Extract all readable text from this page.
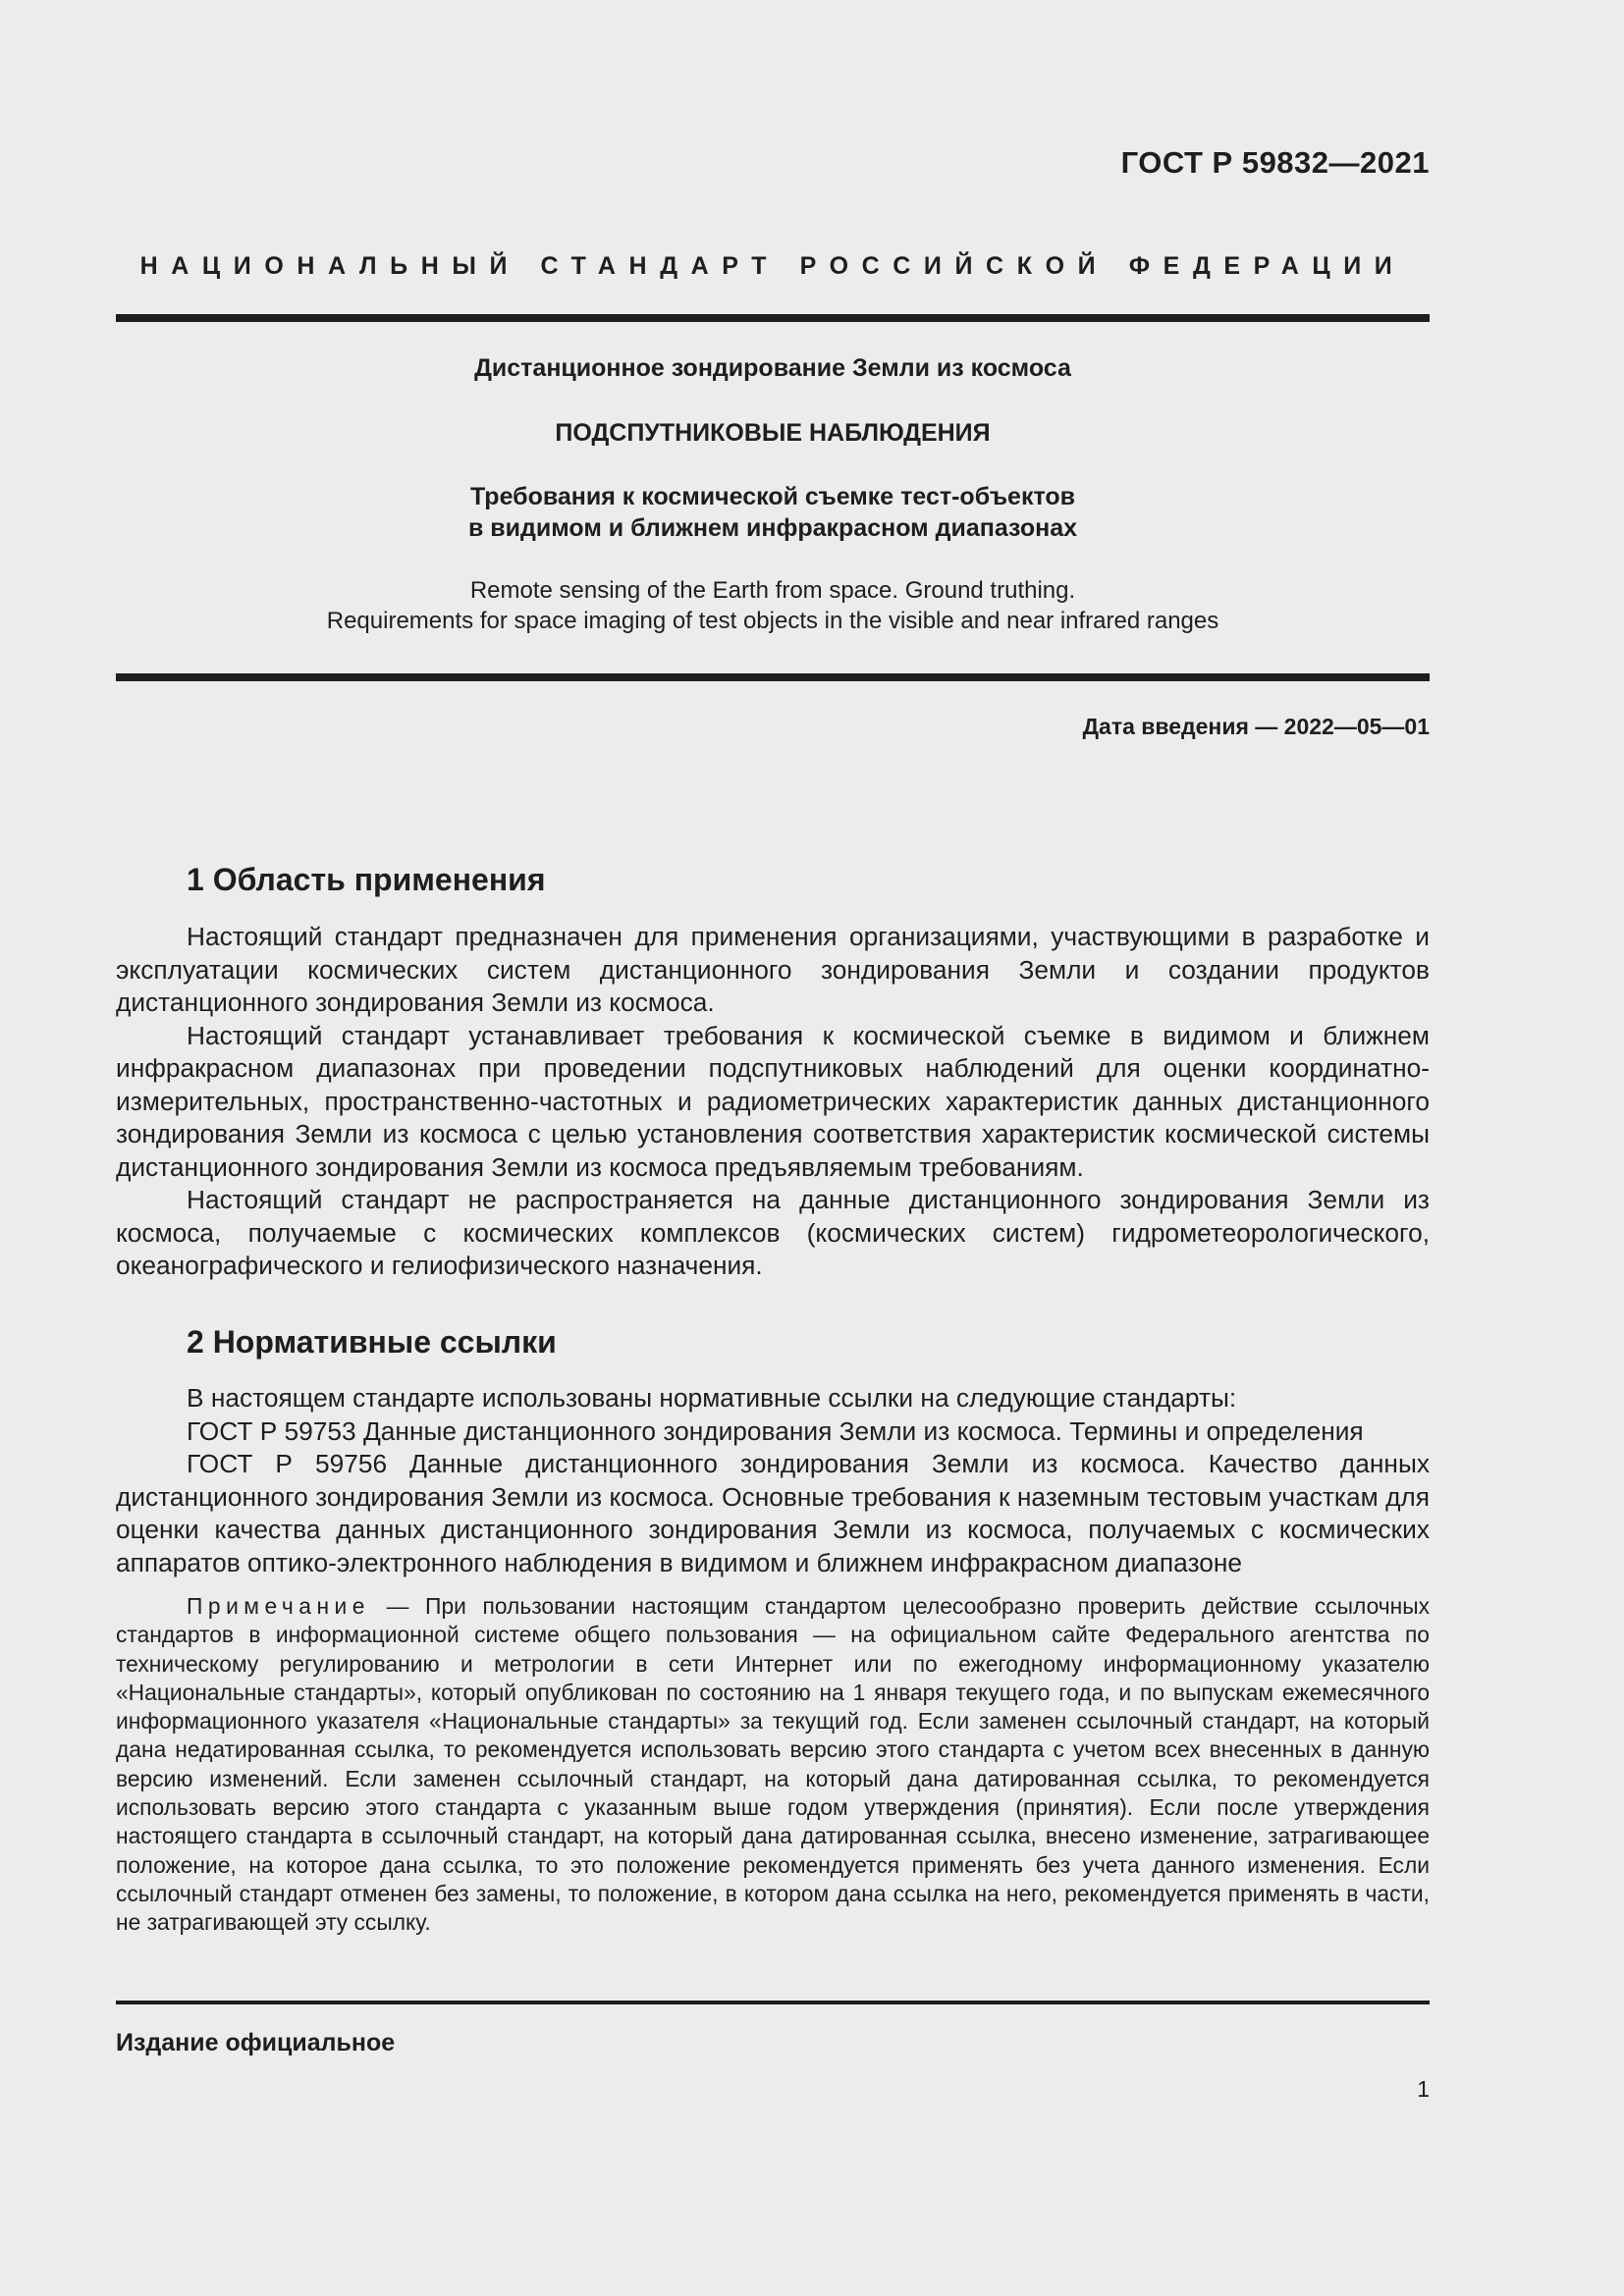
ГОСТ Р 59832—2021
НАЦИОНАЛЬНЫЙ СТАНДАРТ РОССИЙСКОЙ ФЕДЕРАЦИИ
Дистанционное зондирование Земли из космоса
ПОДСПУТНИКОВЫЕ НАБЛЮДЕНИЯ
Требования к космической съемке тест-объектов
в видимом и ближнем инфракрасном диапазонах
Remote sensing of the Earth from space. Ground truthing.
Requirements for space imaging of test objects in the visible and near infrared ranges
Дата введения — 2022—05—01
1 Область применения

Настоящий стандарт предназначен для применения организациями, участвующими в разработке и эксплуатации космических систем дистанционного зондирования Земли и создании продуктов дистанционного зондирования Земли из космоса.

Настоящий стандарт устанавливает требования к космической съемке в видимом и ближнем инфракрасном диапазонах при проведении подспутниковых наблюдений для оценки координатно-измерительных, пространственно-частотных и радиометрических характеристик данных дистанционного зондирования Земли из космоса с целью установления соответствия характеристик космической системы дистанционного зондирования Земли из космоса предъявляемым требованиям.

Настоящий стандарт не распространяется на данные дистанционного зондирования Земли из космоса, получаемые с космических комплексов (космических систем) гидрометеорологического, океанографического и гелиофизического назначения.

2 Нормативные ссылки

В настоящем стандарте использованы нормативные ссылки на следующие стандарты:

ГОСТ Р 59753 Данные дистанционного зондирования Земли из космоса. Термины и определения

ГОСТ Р 59756 Данные дистанционного зондирования Земли из космоса. Качество данных дистанционного зондирования Земли из космоса. Основные требования к наземным тестовым участкам для оценки качества данных дистанционного зондирования Земли из космоса, получаемых с космических аппаратов оптико-электронного наблюдения в видимом и ближнем инфракрасном диапазоне

Примечание — При пользовании настоящим стандартом целесообразно проверить действие ссылочных стандартов в информационной системе общего пользования — на официальном сайте Федерального агентства по техническому регулированию и метрологии в сети Интернет или по ежегодному информационному указателю «Национальные стандарты», который опубликован по состоянию на 1 января текущего года, и по выпускам ежемесячного информационного указателя «Национальные стандарты» за текущий год. Если заменен ссылочный стандарт, на который дана недатированная ссылка, то рекомендуется использовать версию этого стандарта с учетом всех внесенных в данную версию изменений. Если заменен ссылочный стандарт, на который дана датированная ссылка, то рекомендуется использовать версию этого стандарта с указанным выше годом утверждения (принятия). Если после утверждения настоящего стандарта в ссылочный стандарт, на который дана датированная ссылка, внесено изменение, затрагивающее положение, на которое дана ссылка, то это положение рекомендуется применять без учета данного изменения. Если ссылочный стандарт отменен без замены, то положение, в котором дана ссылка на него, рекомендуется применять в части, не затрагивающей эту ссылку.

Издание официальное
1
